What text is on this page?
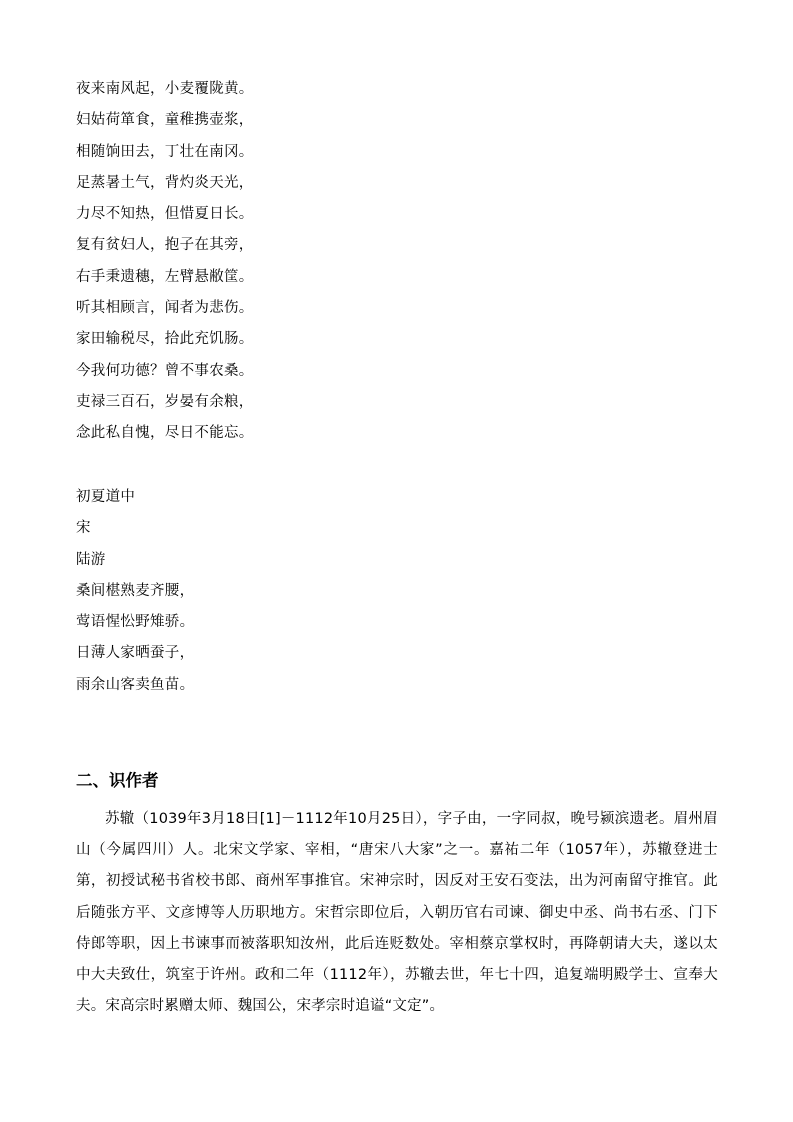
夜来南风起，小麦覆陇黄。
妇姑荷箪食，童稚携壶浆，
相随饷田去，丁壮在南冈。
足蒸暑土气，背灼炎天光，
力尽不知热，但惜夏日长。
复有贫妇人，抱子在其旁，
右手秉遗穗，左臂悬敝筐。
听其相顾言，闻者为悲伤。
家田输税尽，拾此充饥肠。
今我何功德？曾不事农桑。
吏禄三百石，岁晏有余粮，
念此私自愧，尽日不能忘。
初夏道中
宋
陆游
桑间椹熟麦齐腰，
莺语惺忪野雉骄。
日薄人家晒蚕子，
雨余山客卖鱼苗。
二、识作者
苏辙（1039年3月18日[1]－1112年10月25日），字子由，一字同叔，晚号颍滨遗老。眉州眉山（今属四川）人。北宋文学家、宰相，“唐宋八大家”之一。嘉祐二年（1057年），苏辙登进士第，初授试秘书省校书郎、商州军事推官。宋神宗时，因反对王安石变法，出为河南留守推官。此后随张方平、文彦博等人历职地方。宋哲宗即位后，入朝历官右司谏、御史中丞、尚书右丞、门下侍郎等职，因上书谏事而被落职知汝州，此后连贬数处。宰相蔡京掌权时，再降朝请大夫，遂以太中大夫致仕，筑室于许州。政和二年（1112年），苏辙去世，年七十四，追复端明殿学士、宣奉大夫。宋高宗时累赠太师、魏国公，宋孝宗时追谥“文定”。
